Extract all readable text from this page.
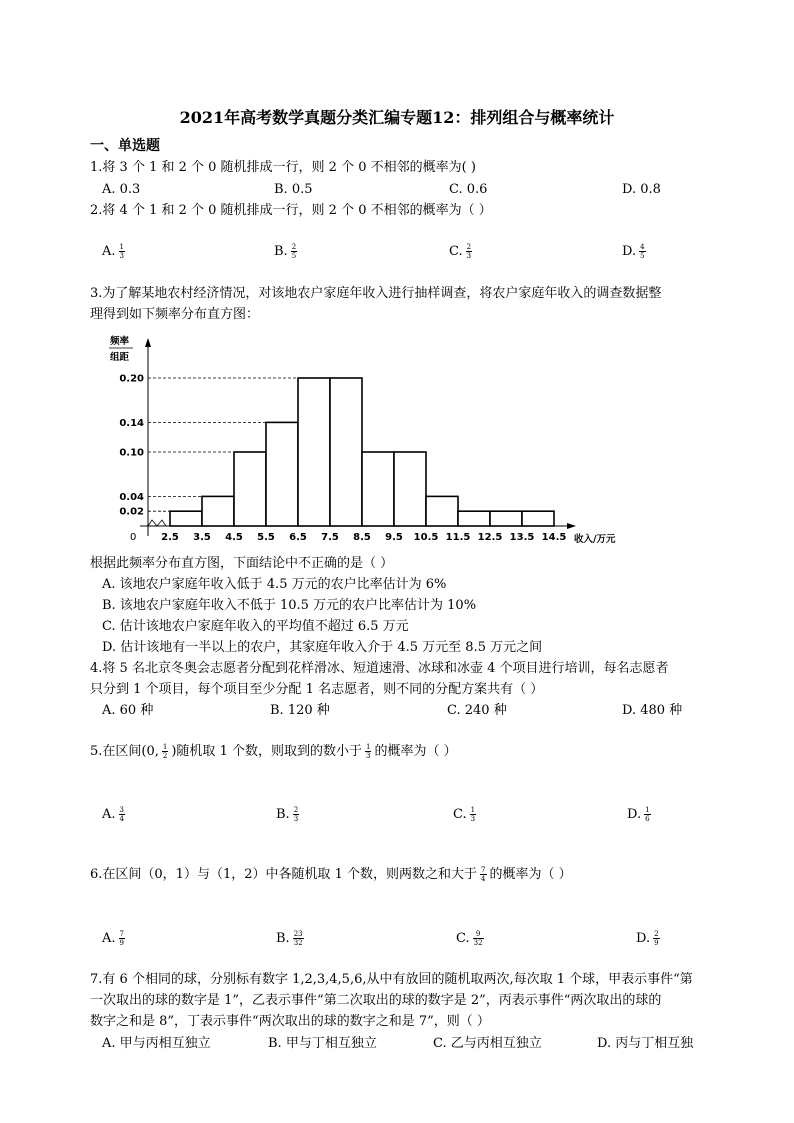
2021年高考数学真题分类汇编专题12：排列组合与概率统计
一、单选题
1.将 3 个 1 和 2 个 0 随机排成一行，则 2 个 0 不相邻的概率为( )
A. 0.3	B. 0.5	C. 0.6	D. 0.8
2.将 4 个 1 和 2 个 0 随机排成一行，则 2 个 0 不相邻的概率为（ ）
A. $\frac{1}{3}$	B. $\frac{2}{5}$	C. $\frac{2}{3}$	D. $\frac{4}{5}$
3.为了解某地农村经济情况，对该地农户家庭年收入进行抽样调查，将农户家庭年收入的调查数据整
理得到如下频率分布直方图：
频率
组距
0	收入/万元
0.02
0.04
0.10
0.14
0.20
2.5 3.5 4.5 5.5 6.5 7.5 8.5 9.5 10.5 11.5 12.5 13.5 14.5
根据此频率分布直方图，下面结论中不正确的是（ ）
A. 该地农户家庭年收入低于 4.5 万元的农户比率估计为 6%
B. 该地农户家庭年收入不低于 10.5 万元的农户比率估计为 10%
C. 估计该地农户家庭年收入的平均值不超过 6.5 万元
D. 估计该地有一半以上的农户，其家庭年收入介于 4.5 万元至 8.5 万元之间
4.将 5 名北京冬奥会志愿者分配到花样滑冰、短道速滑、冰球和冰壶 4 个项目进行培训，每名志愿者
只分到 1 个项目，每个项目至少分配 1 名志愿者，则不同的分配方案共有（ ）
A. 60 种	B. 120 种	C. 240 种	D. 480 种
5.在区间(0, $\frac{1}{2}$ )随机取 1 个数，则取到的数小于 $\frac{1}{3}$ 的概率为（ ）
A. $\frac{3}{4}$	B. $\frac{2}{3}$	C. $\frac{1}{3}$	D. $\frac{1}{6}$
6.在区间（0，1）与（1，2）中各随机取 1 个数，则两数之和大于 $\frac{7}{4}$ 的概率为（ ）
A. $\frac{7}{9}$	B. $\frac{23}{32}$	C. $\frac{9}{32}$	D. $\frac{2}{9}$
7.有 6 个相同的球，分别标有数字 1,2,3,4,5,6,从中有放回的随机取两次,每次取 1 个球，甲表示事件“第
一次取出的球的数字是 1”，乙表示事件“第二次取出的球的数字是 2”，丙表示事件“两次取出的球的
数字之和是 8”，丁表示事件“两次取出的球的数字之和是 7”，则（ ）
A. 甲与丙相互独立	B. 甲与丁相互独立	C. 乙与丙相互独立	D. 丙与丁相互独
